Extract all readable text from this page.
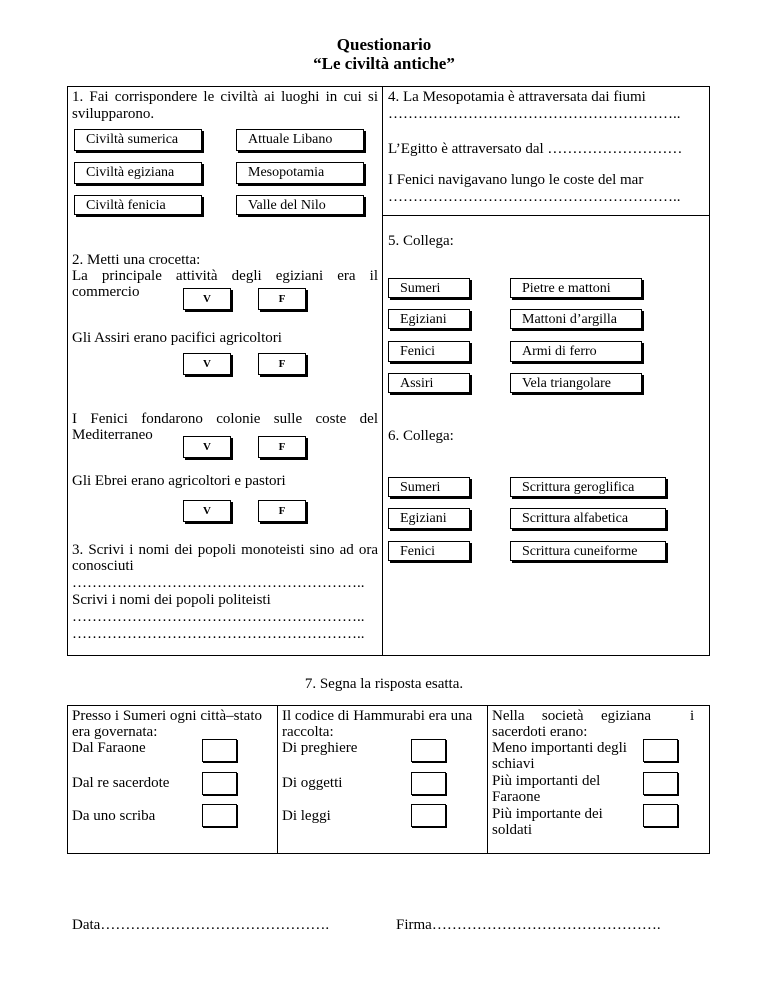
Questionario
“Le civiltà antiche”
1. Fai corrispondere le civiltà ai luoghi in cui si
svilupparono.
Civiltà sumerica
Civiltà egiziana
Civiltà fenicia
Attuale Libano
Mesopotamia
Valle del Nilo
2. Metti una crocetta:
La principale attività degli egiziani era il
commercio	V	F
Gli Assiri erano pacifici agricoltori
V	F
I Fenici fondarono colonie sulle coste del
Mediterraneo
V	F
Gli Ebrei erano agricoltori e pastori
V	F
3. Scrivi i nomi dei popoli monoteisti sino ad ora
conosciuti
…………………………………………………..
Scrivi i nomi dei popoli politeisti
…………………………………………………..
…………………………………………………..
4. La Mesopotamia è attraversata dai fiumi
…………………………………………………..
L’Egitto è attraversato dal ………………………
I Fenici navigavano lungo le coste del mar
…………………………………………………..
5. Collega:
Sumeri
Egiziani
Fenici
Assiri
Pietre e mattoni
Mattoni d’argilla
Armi di ferro
Vela triangolare
6. Collega:
Sumeri
Egiziani
Fenici
Scrittura geroglifica
Scrittura alfabetica
Scrittura cuneiforme
7. Segna la risposta esatta.
Presso i Sumeri ogni città–stato
era governata:
Dal Faraone
Dal re sacerdote
Da uno scriba
Il codice di Hammurabi era una
raccolta:
Di preghiere
Di oggetti
Di leggi
Nella società egiziana	i
sacerdoti erano:
Meno importanti degli
schiavi
Più importanti del
Faraone
Più importante dei
soldati
Data……………………………………….	Firma……………………………………….
